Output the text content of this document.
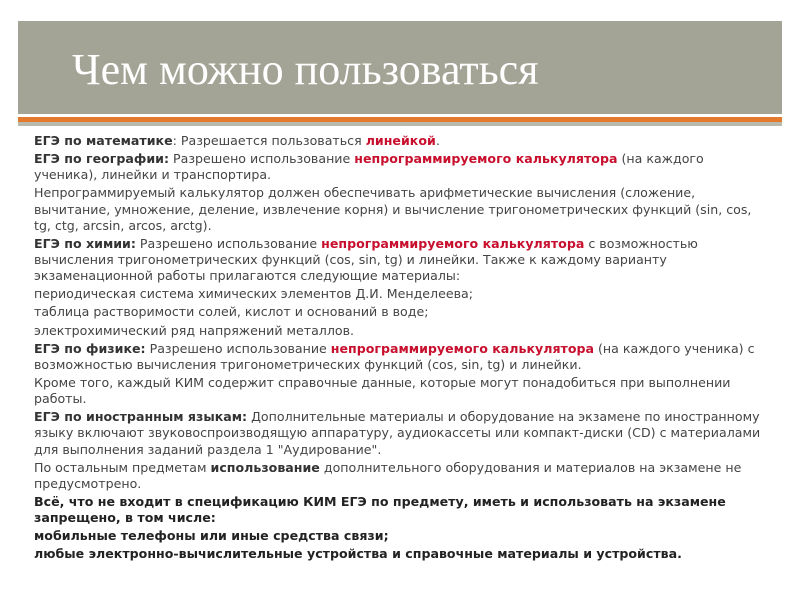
Чем можно пользоваться

ЕГЭ по математике: Разрешается пользоваться линейкой.

ЕГЭ по географии: Разрешено использование непрограммируемого калькулятора (на каждого ученика), линейки и транспортира.

Непрограммируемый калькулятор должен обеспечивать арифметические вычисления (сложение, вычитание, умножение, деление, извлечение корня) и вычисление тригонометрических функций (sin, cos, tg, ctg, arcsin, arcos, arctg).

ЕГЭ по химии: Разрешено использование непрограммируемого калькулятора с возможностью вычисления тригонометрических функций (cos, sin, tg) и линейки. Также к каждому варианту экзаменационной работы прилагаются следующие материалы:

периодическая система химических элементов Д.И. Менделеева;

таблица растворимости солей, кислот и оснований в воде;

электрохимический ряд напряжений металлов.

ЕГЭ по физике: Разрешено использование непрограммируемого калькулятора (на каждого ученика) с возможностью вычисления тригонометрических функций (cos, sin, tg) и линейки.

Кроме того, каждый КИМ содержит справочные данные, которые могут понадобиться при выполнении работы.

ЕГЭ по иностранным языкам: Дополнительные материалы и оборудование на экзамене по иностранному языку включают звуковоспроизводящую аппаратуру, аудиокассеты или компакт-диски (CD) с материалами для выполнения заданий раздела 1 "Аудирование".

По остальным предметам использование дополнительного оборудования и материалов на экзамене не предусмотрено.

Всё, что не входит в спецификацию КИМ ЕГЭ по предмету, иметь и использовать на экзамене запрещено, в том числе:

мобильные телефоны или иные средства связи;

любые электронно-вычислительные устройства и справочные материалы и устройства.
